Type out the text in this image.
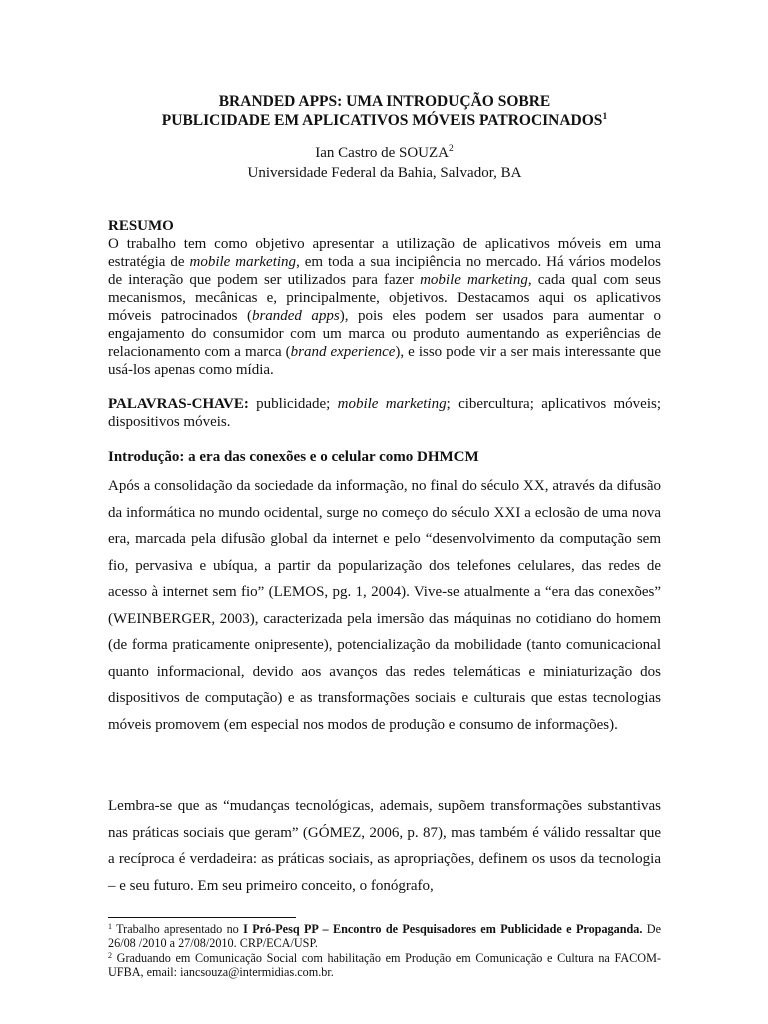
BRANDED APPS: UMA INTRODUÇÃO SOBRE
PUBLICIDADE EM APLICATIVOS MÓVEIS PATROCINADOS$^1$
Ian Castro de SOUZA$^2$
Universidade Federal da Bahia, Salvador, BA
RESUMO

O trabalho tem como objetivo apresentar a utilização de aplicativos móveis em uma estratégia de mobile marketing, em toda a sua incipiência no mercado. Há vários modelos de interação que podem ser utilizados para fazer mobile marketing, cada qual com seus mecanismos, mecânicas e, principalmente, objetivos. Destacamos aqui os aplicativos móveis patrocinados (branded apps), pois eles podem ser usados para aumentar o engajamento do consumidor com um marca ou produto aumentando as experiências de relacionamento com a marca (brand experience), e isso pode vir a ser mais interessante que usá-los apenas como mídia.

PALAVRAS-CHAVE: publicidade; mobile marketing; cibercultura; aplicativos móveis; dispositivos móveis.

Introdução: a era das conexões e o celular como DHMCM

Após a consolidação da sociedade da informação, no final do século XX, através da difusão da informática no mundo ocidental, surge no começo do século XXI a eclosão de uma nova era, marcada pela difusão global da internet e pelo “desenvolvimento da computação sem fio, pervasiva e ubíqua, a partir da popularização dos telefones celulares, das redes de acesso à internet sem fio” (LEMOS, pg. 1, 2004). Vive-se atualmente a “era das conexões” (WEINBERGER, 2003), caracterizada pela imersão das máquinas no cotidiano do homem (de forma praticamente onipresente), potencialização da mobilidade (tanto comunicacional quanto informacional, devido aos avanços das redes telemáticas e miniaturização dos dispositivos de computação) e as transformações sociais e culturais que estas tecnologias móveis promovem (em especial nos modos de produção e consumo de informações).

Lembra-se que as “mudanças tecnológicas, ademais, supõem transformações substantivas nas práticas sociais que geram” (GÓMEZ, 2006, p. 87), mas também é válido ressaltar que a recíproca é verdadeira: as práticas sociais, as apropriações, definem os usos da tecnologia – e seu futuro. Em seu primeiro conceito, o fonógrafo,

$^1$ Trabalho apresentado no I Pró-Pesq PP – Encontro de Pesquisadores em Publicidade e Propaganda. De 26/08 /2010 a 27/08/2010. CRP/ECA/USP.

$^2$ Graduando em Comunicação Social com habilitação em Produção em Comunicação e Cultura na FACOM-UFBA, email: iancsouza@intermidias.com.br.
